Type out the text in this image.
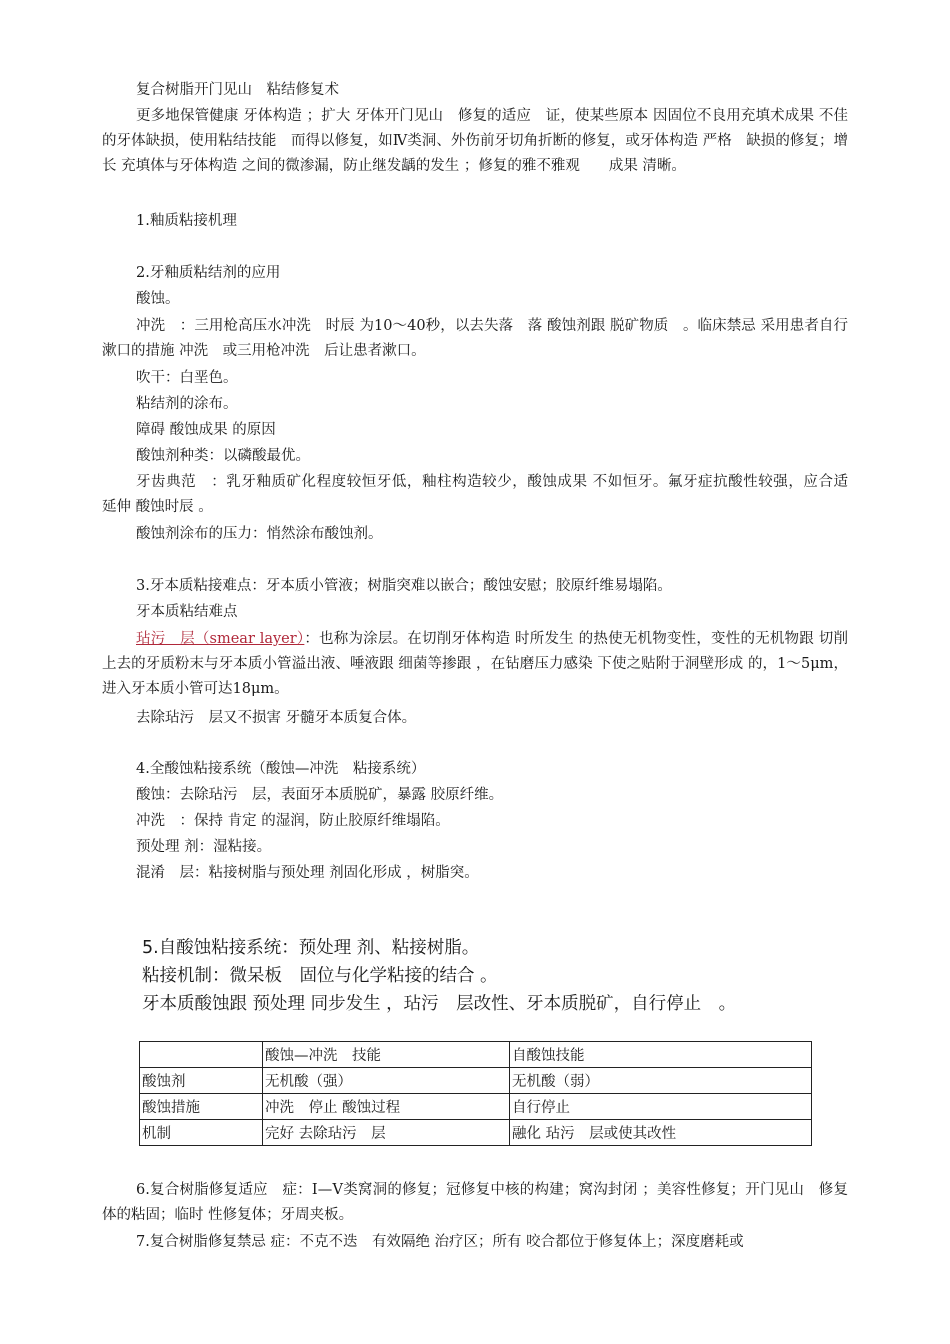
复合树脂开门见山　粘结修复术
更多地保管健康 牙体构造 ；扩大 牙体开门见山　修复的适应　证，使某些原本 因固位不良用充填术成果 不佳　的牙体缺损，使用粘结技能　而得以修复，如Ⅳ类洞、外伤前牙切角折断的修复，或牙体构造 严格　缺损的修复；增长 充填体与牙体构造 之间的微渗漏，防止继发龋的发生 ；修复的雅不雅观　　成果 清晰。
1.釉质粘接机理
2.牙釉质粘结剂的应用
酸蚀。
冲洗　：三用枪高压水冲洗　时辰 为10～40秒，以去失落　落 酸蚀剂跟 脱矿物质　。临床禁忌 采用患者自行漱口的措施 冲洗　或三用枪冲洗　后让患者漱口。
吹干：白垩色。
粘结剂的涂布。
障碍 酸蚀成果 的原因
酸蚀剂种类：以磷酸最优。
牙齿典范　：乳牙釉质矿化程度较恒牙低，釉柱构造较少，酸蚀成果 不如恒牙。氟牙症抗酸性较强，应合适　延伸 酸蚀时辰 。
酸蚀剂涂布的压力：悄然涂布酸蚀剂。
3.牙本质粘接难点：牙本质小管液；树脂突难以嵌合；酸蚀安慰；胶原纤维易塌陷。
牙本质粘结难点
玷污　层（smear layer）：也称为涂层。在切削牙体构造 时所发生 的热使无机物变性，变性的无机物跟 切削上去的牙质粉末与牙本质小管溢出液、唾液跟 细菌等掺跟 ，在钻磨压力感染 下使之贴附于洞壁形成 的，1～5μm，进入牙本质小管可达18μm。
去除玷污　层又不损害 牙髓牙本质复合体。
4.全酸蚀粘接系统（酸蚀—冲洗　粘接系统）
酸蚀：去除玷污　层，表面牙本质脱矿，暴露 胶原纤维。
冲洗　：保持 肯定 的湿润，防止胶原纤维塌陷。
预处理 剂：湿粘接。
混淆　层：粘接树脂与预处理 剂固化形成 ，树脂突。
5.自酸蚀粘接系统：预处理 剂、粘接树脂。
粘接机制：微呆板　固位与化学粘接的结合 。
牙本质酸蚀跟 预处理 同步发生 ，玷污　层改性、牙本质脱矿，自行停止　。
	酸蚀—冲洗　技能	自酸蚀技能
酸蚀剂	无机酸（强）	无机酸（弱）
酸蚀措施	冲洗　停止 酸蚀过程	自行停止
机制	完好 去除玷污　层	融化 玷污　层或使其改性
6.复合树脂修复适应　症：Ⅰ—Ⅴ类窝洞的修复；冠修复中核的构建；窝沟封闭 ；美容性修复；开门见山　修复体的粘固；临时 性修复体；牙周夹板。
7.复合树脂修复禁忌 症：不克不迭　有效隔绝 治疗区；所有 咬合都位于修复体上；深度磨耗或
